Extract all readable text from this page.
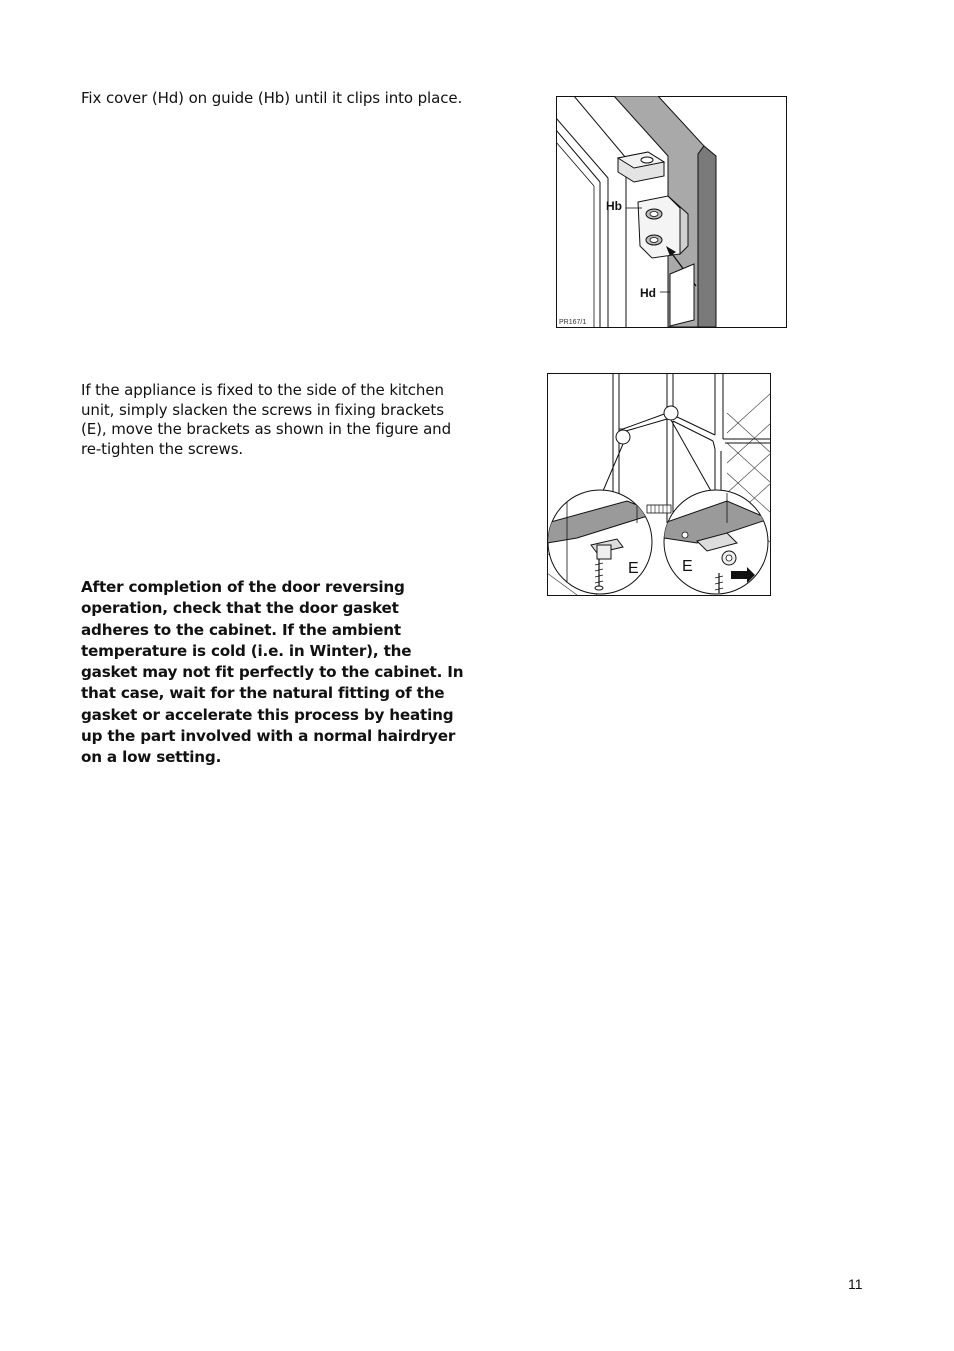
Fix cover (Hd) on guide (Hb) until it clips into place.

If the appliance is fixed to the side of the kitchen unit, simply slacken the screws in fixing brackets (E), move the brackets as shown in the figure and re-tighten the screws.

After completion of the door reversing operation, check that the door gasket adheres to the cabinet. If the ambient temperature is cold (i.e. in Winter), the gasket may not fit perfectly to the cabinet. In that case, wait for the natural fitting of the gasket or accelerate this process by heating up the part involved with a normal hairdryer on a low setting.

Hb
Hd
PR167/1
E	E
11
